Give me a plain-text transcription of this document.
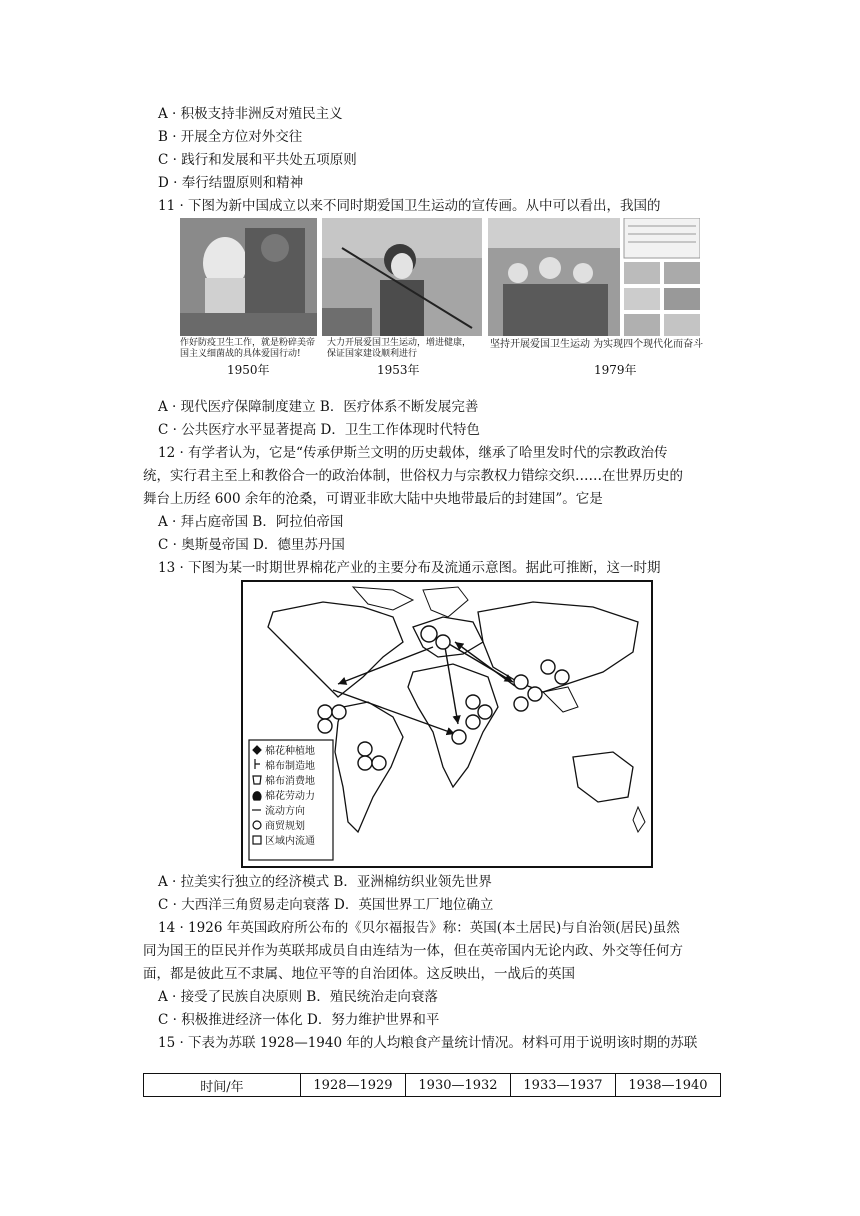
A · 积极支持非洲反对殖民主义
B · 开展全方位对外交往
C · 践行和发展和平共处五项原则
D · 奉行结盟原则和精神
11 · 下图为新中国成立以来不同时期爱国卫生运动的宣传画。从中可以看出，我国的
作好防疫卫生工作，就是粉碎美帝
国主义细菌战的具体爱国行动!
1950年
大力开展爱国卫生运动，增进健康，
保证国家建设顺利进行
1953年
坚持开展爱国卫生运动 为实现四个现代化而奋斗
1979年
A · 现代医疗保障制度建立 B．医疗体系不断发展完善
C · 公共医疗水平显著提高 D．卫生工作体现时代特色
12 · 有学者认为，它是“传承伊斯兰文明的历史载体，继承了哈里发时代的宗教政治传
统，实行君主至上和教俗合一的政治体制，世俗权力与宗教权力错综交织……在世界历史的
舞台上历经 600 余年的沧桑，可谓亚非欧大陆中央地带最后的封建国”。它是
A · 拜占庭帝国 B．阿拉伯帝国
C · 奥斯曼帝国 D．德里苏丹国
13 · 下图为某一时期世界棉花产业的主要分布及流通示意图。据此可推断，这一时期
棉花种植地
棉布制造地
棉布消费地
棉花劳动力
流动方向
商贸规划
区域内流通
A · 拉美实行独立的经济模式 B．亚洲棉纺织业领先世界
C · 大西洋三角贸易走向衰落 D．英国世界工厂地位确立
14 · 1926 年英国政府所公布的《贝尔福报告》称：英国(本土居民)与自治领(居民)虽然
同为国王的臣民并作为英联邦成员自由连结为一体，但在英帝国内无论内政、外交等任何方
面，都是彼此互不隶属、地位平等的自治团体。这反映出，一战后的英国
A · 接受了民族自决原则 B．殖民统治走向衰落
C · 积极推进经济一体化 D．努力维护世界和平
15 · 下表为苏联 1928—1940 年的人均粮食产量统计情况。材料可用于说明该时期的苏联
时间/年	1928—1929	1930—1932	1933—1937	1938—1940
